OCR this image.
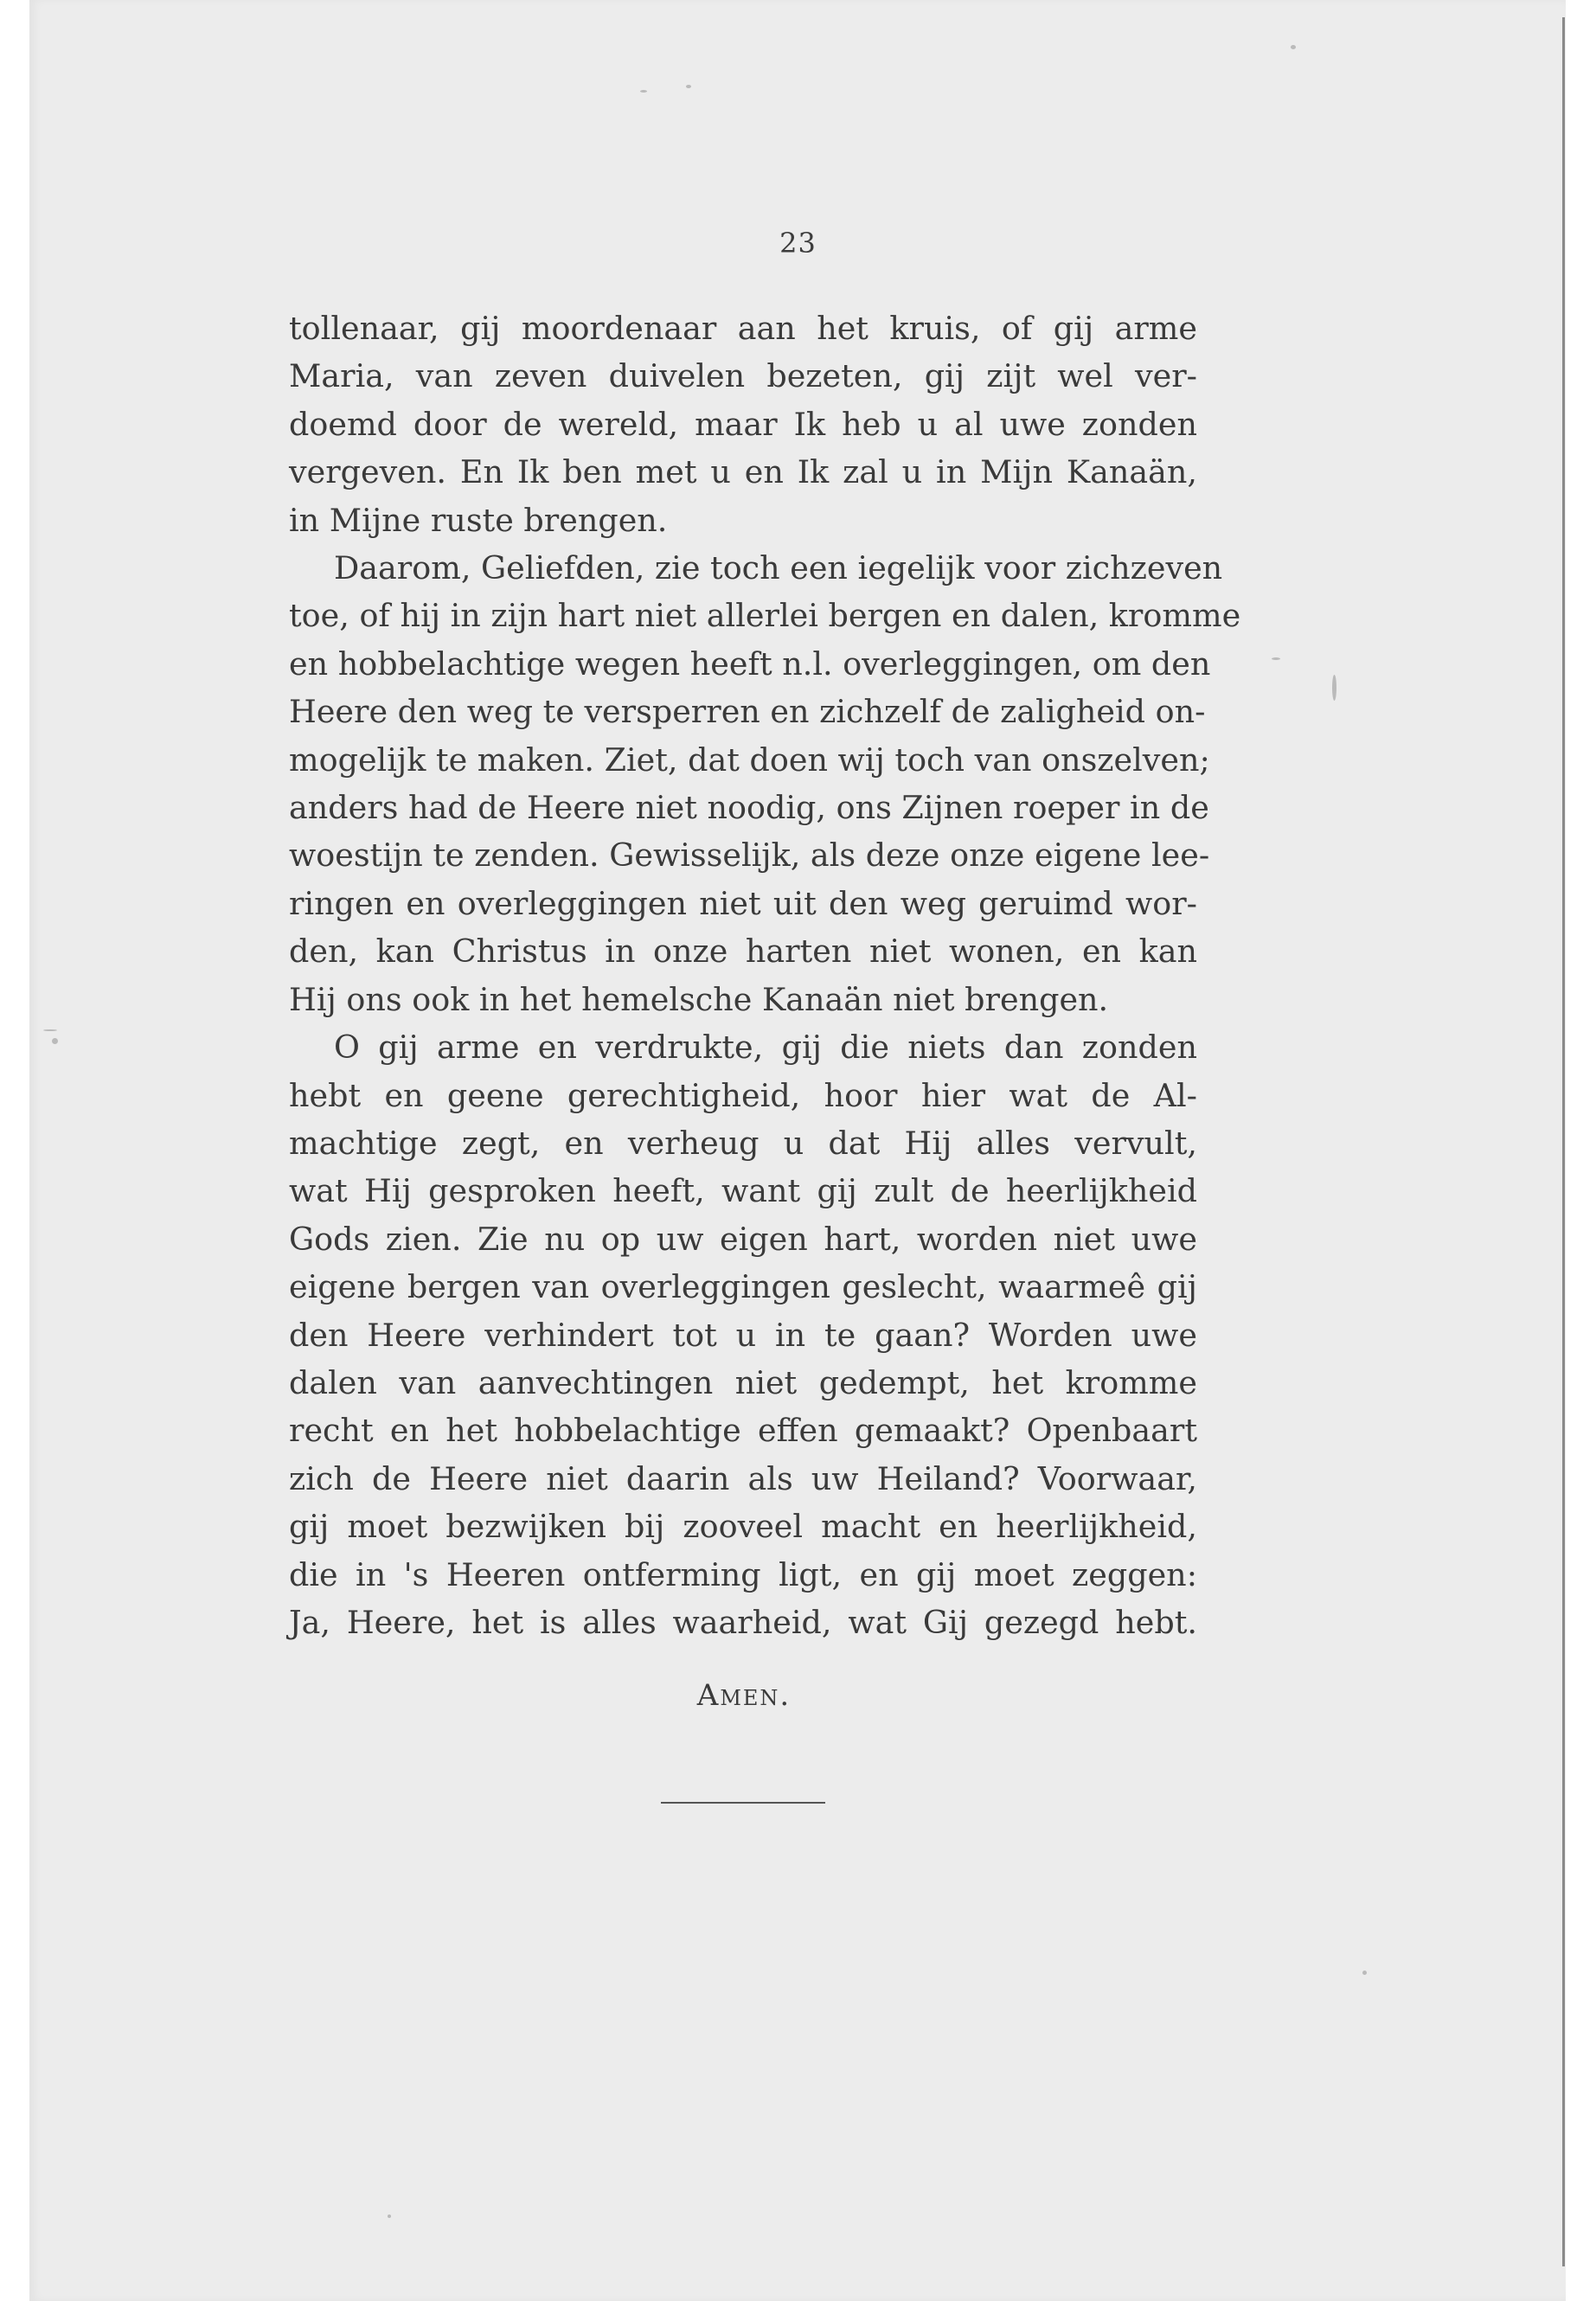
23
tollenaar, gij moordenaar aan het kruis, of gij arme
Maria, van zeven duivelen bezeten, gij zijt wel ver-
doemd door de wereld, maar Ik heb u al uwe zonden
vergeven. En Ik ben met u en Ik zal u in Mijn Kanaän,
in Mijne ruste brengen.
Daarom, Geliefden, zie toch een iegelijk voor zichzeven
toe, of hij in zijn hart niet allerlei bergen en dalen, kromme
en hobbelachtige wegen heeft n.l. overleggingen, om den
Heere den weg te versperren en zichzelf de zaligheid on-
mogelijk te maken. Ziet, dat doen wij toch van onszelven;
anders had de Heere niet noodig, ons Zijnen roeper in de
woestijn te zenden. Gewisselijk, als deze onze eigene lee-
ringen en overleggingen niet uit den weg geruimd wor-
den, kan Christus in onze harten niet wonen, en kan
Hij ons ook in het hemelsche Kanaän niet brengen.
O gij arme en verdrukte, gij die niets dan zonden
hebt en geene gerechtigheid, hoor hier wat de Al-
machtige zegt, en verheug u dat Hij alles vervult,
wat Hij gesproken heeft, want gij zult de heerlijkheid
Gods zien. Zie nu op uw eigen hart, worden niet uwe
eigene bergen van overleggingen geslecht, waarmeê gij
den Heere verhindert tot u in te gaan? Worden uwe
dalen van aanvechtingen niet gedempt, het kromme
recht en het hobbelachtige effen gemaakt? Openbaart
zich de Heere niet daarin als uw Heiland? Voorwaar,
gij moet bezwijken bij zooveel macht en heerlijkheid,
die in 's Heeren ontferming ligt, en gij moet zeggen:
Ja, Heere, het is alles waarheid, wat Gij gezegd hebt.
Amen.
